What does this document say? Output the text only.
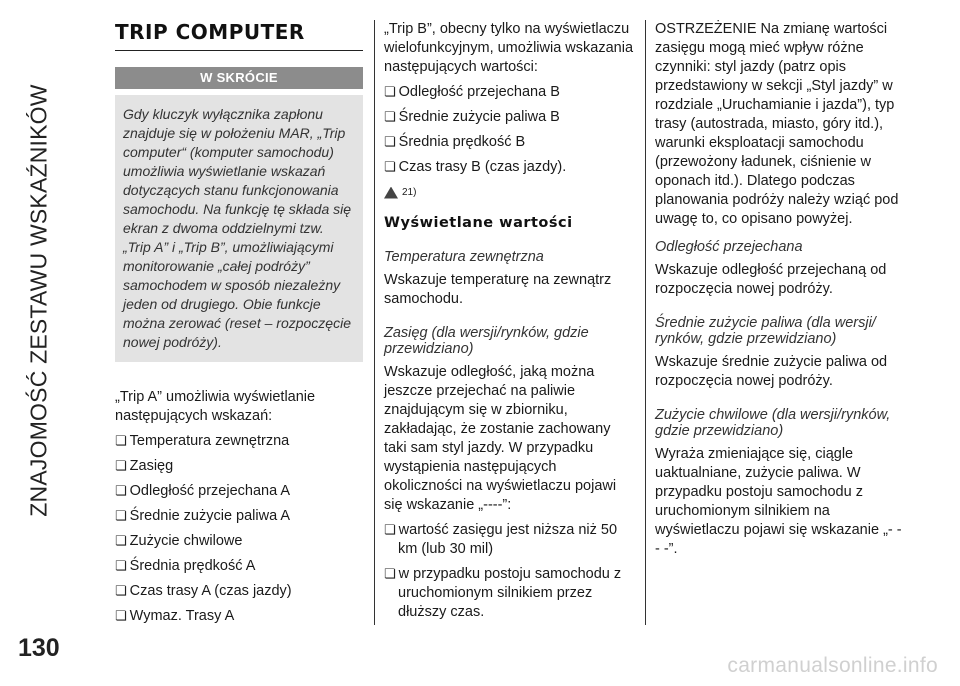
ZNAJOMOŚĆ ZESTAWU WSKAŹNIKÓW
130
carmanualsonline.info
TRIP COMPUTER
W SKRÓCIE
Gdy kluczyk wyłącznika zapłonu znajduje się w położeniu MAR, „Trip computer“ (komputer samochodu) umożliwia wyświetlanie wskazań dotyczących stanu funkcjonowania samochodu. Na funkcję tę składa się ekran z dwoma oddzielnymi tzw. „Trip A” i „Trip B”, umożliwiającymi monitorowanie „całej podróży” samochodem w sposób niezależny jeden od drugiego. Obie funkcje można zerować (reset – rozpoczęcie nowej podróży).
„Trip A” umożliwia wyświetlanie następujących wskazań:
❏ Temperatura zewnętrzna
❏ Zasięg
❏ Odległość przejechana A
❏ Średnie zużycie paliwa A
❏ Zużycie chwilowe
❏ Średnia prędkość A
❏ Czas trasy A (czas jazdy)
❏ Wymaz. Trasy A
„Trip B”, obecny tylko na wyświetlaczu wielofunkcyjnym, umożliwia wskazania następujących wartości:
❏ Odległość przejechana B
❏ Średnie zużycie paliwa B
❏ Średnia prędkość B
❏ Czas trasy B (czas jazdy).
21)
Wyświetlane wartości
Temperatura zewnętrzna
Wskazuje temperaturę na zewnątrz samochodu.
Zasięg (dla wersji/rynków, gdzie przewidziano)
Wskazuje odległość, jaką można jeszcze przejechać na paliwie znajdującym się w zbiorniku, zakładając, że zostanie zachowany taki sam styl jazdy. W przypadku wystąpienia następujących okoliczności na wyświetlaczu pojawi się wskazanie „----”:
❏ wartość zasięgu jest niższa niż 50 km (lub 30 mil)
❏ w przypadku postoju samochodu z uruchomionym silnikiem przez dłuższy czas.
OSTRZEŻENIE Na zmianę wartości zasięgu mogą mieć wpływ różne czynniki: styl jazdy (patrz opis przedstawiony w sekcji „Styl jazdy” w rozdziale „Uruchamianie i jazda”), typ trasy (autostrada, miasto, góry itd.), warunki eksploatacji samochodu (przewożony ładunek, ciśnienie w oponach itd.). Dlatego podczas planowania podróży należy wziąć pod uwagę to, co opisano powyżej.
Odległość przejechana
Wskazuje odległość przejechaną od rozpoczęcia nowej podróży.
Średnie zużycie paliwa (dla wersji/ rynków, gdzie przewidziano)
Wskazuje średnie zużycie paliwa od rozpoczęcia nowej podróży.
Zużycie chwilowe (dla wersji/rynków, gdzie przewidziano)
Wyraża zmieniające się, ciągle uaktualniane, zużycie paliwa. W przypadku postoju samochodu z uruchomionym silnikiem na wyświetlaczu pojawi się wskazanie „- - - -”.
